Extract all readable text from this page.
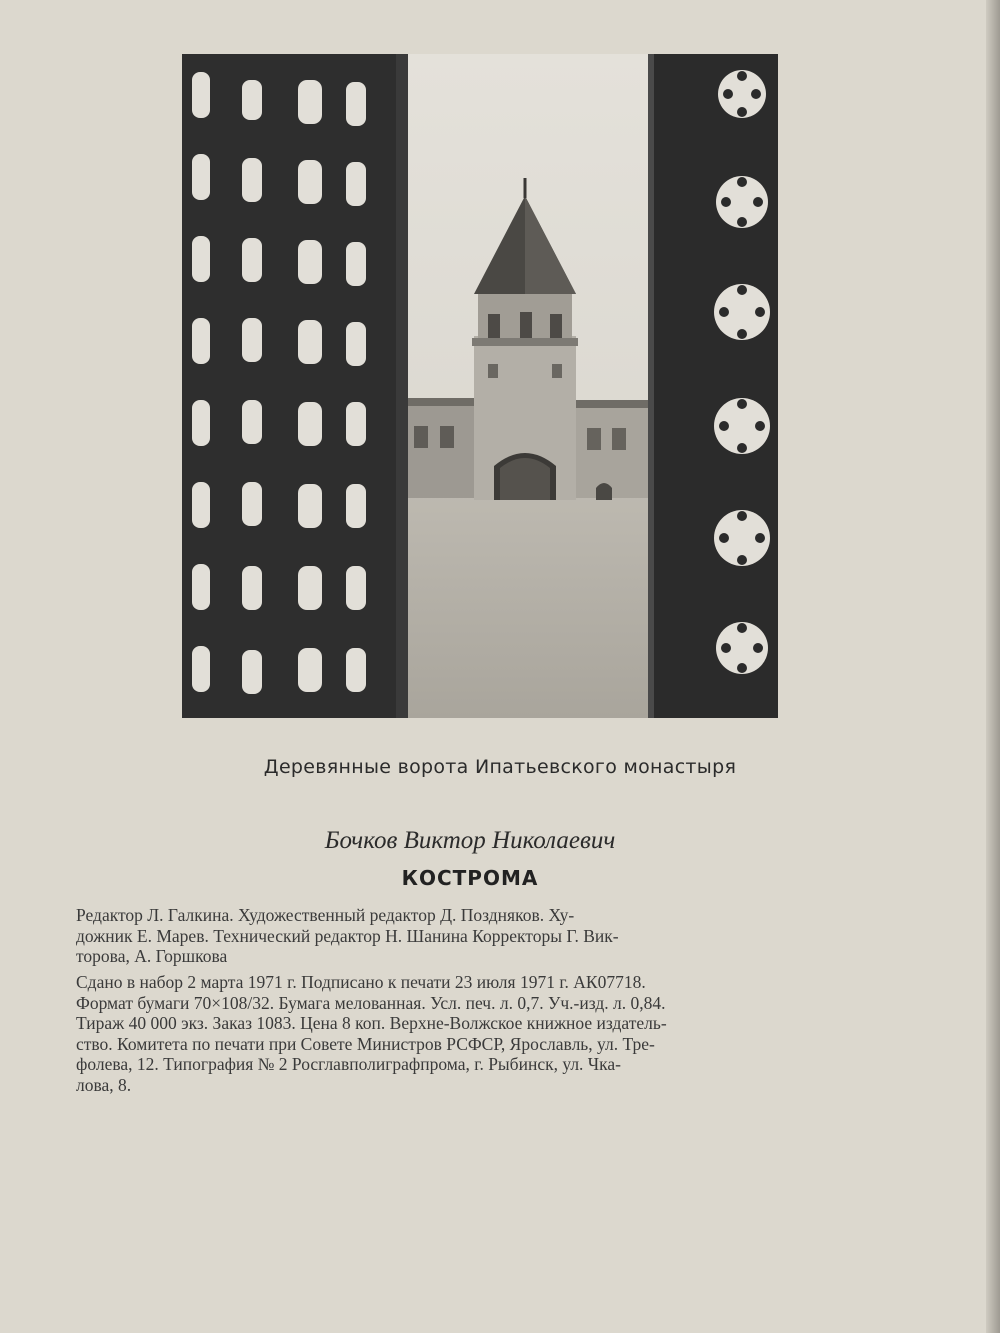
Деревянные ворота Ипатьевского монастыря
Бочков Виктор Николаевич
КОСТРОМА
Редактор Л. Галкина. Художественный редактор Д. Поздняков. Ху-
дожник Е. Марев. Технический редактор Н. Шанина Корректоры Г. Вик-
торова, А. Горшкова
Сдано в набор 2 марта 1971 г. Подписано к печати 23 июля 1971 г. АК07718.
Формат бумаги 70×108/32. Бумага мелованная. Усл. печ. л. 0,7. Уч.-изд. л. 0,84.
Тираж 40 000 экз. Заказ 1083. Цена 8 коп. Верхне-Волжское книжное издатель-
ство. Комитета по печати при Совете Министров РСФСР, Ярославль, ул. Тре-
фолева, 12. Типография № 2 Росглавполиграфпрома, г. Рыбинск, ул. Чка-
лова, 8.
